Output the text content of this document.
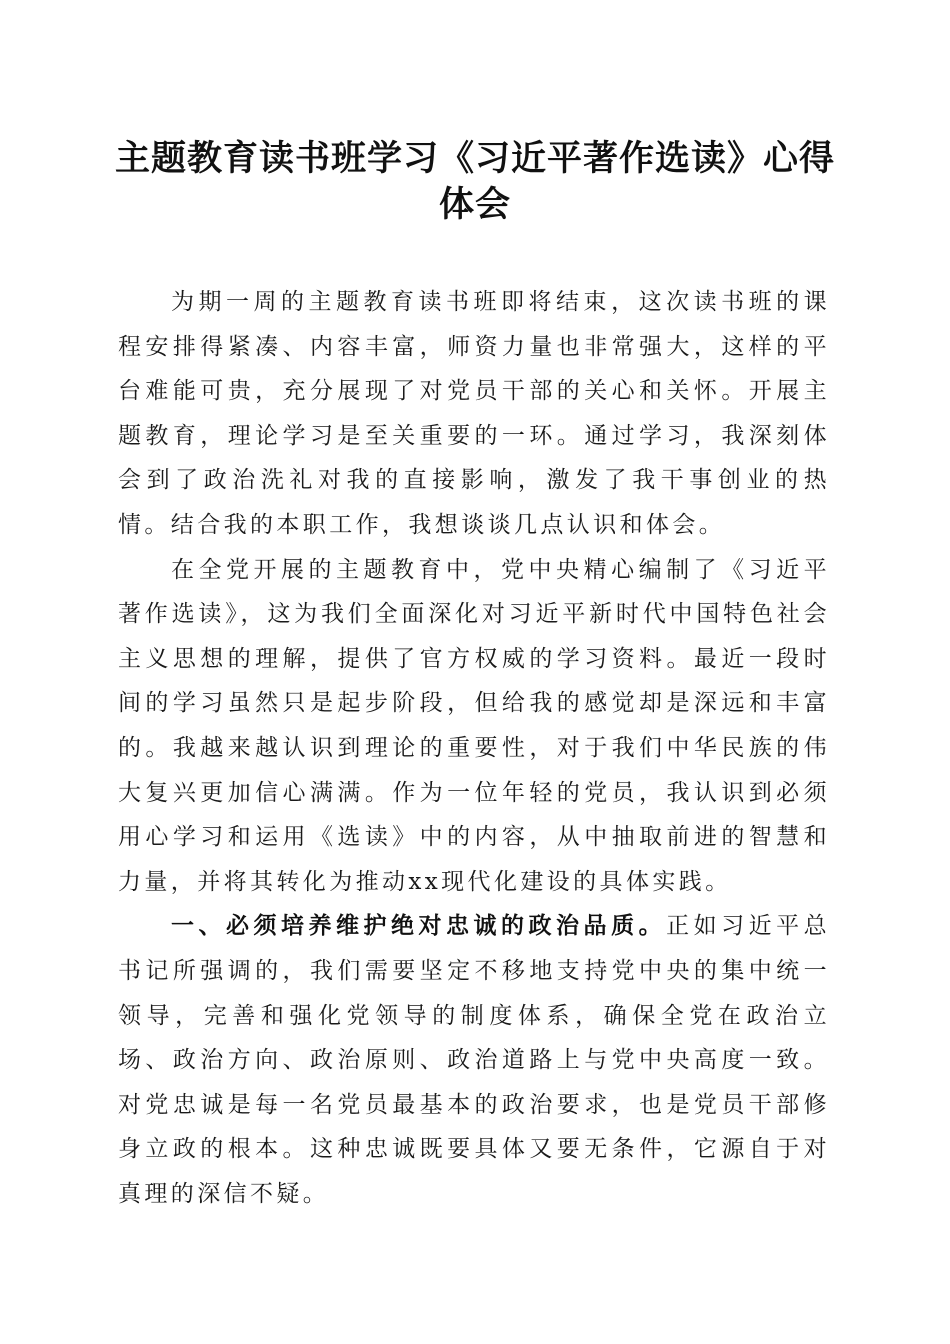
主题教育读书班学习《习近平著作选读》心得
体会

为期一周的主题教育读书班即将结束，这次读书班的课程安排得紧凑、内容丰富，师资力量也非常强大，这样的平台难能可贵，充分展现了对党员干部的关心和关怀。开展主题教育，理论学习是至关重要的一环。通过学习，我深刻体会到了政治洗礼对我的直接影响，激发了我干事创业的热情。结合我的本职工作，我想谈谈几点认识和体会。

在全党开展的主题教育中，党中央精心编制了《习近平著作选读》，这为我们全面深化对习近平新时代中国特色社会主义思想的理解，提供了官方权威的学习资料。最近一段时间的学习虽然只是起步阶段，但给我的感觉却是深远和丰富的。我越来越认识到理论的重要性，对于我们中华民族的伟大复兴更加信心满满。作为一位年轻的党员，我认识到必须用心学习和运用《选读》中的内容，从中抽取前进的智慧和力量，并将其转化为推动xx现代化建设的具体实践。

一、必须培养维护绝对忠诚的政治品质。正如习近平总书记所强调的，我们需要坚定不移地支持党中央的集中统一领导，完善和强化党领导的制度体系，确保全党在政治立场、政治方向、政治原则、政治道路上与党中央高度一致。对党忠诚是每一名党员最基本的政治要求，也是党员干部修身立政的根本。这种忠诚既要具体又要无条件，它源自于对真理的深信不疑。
